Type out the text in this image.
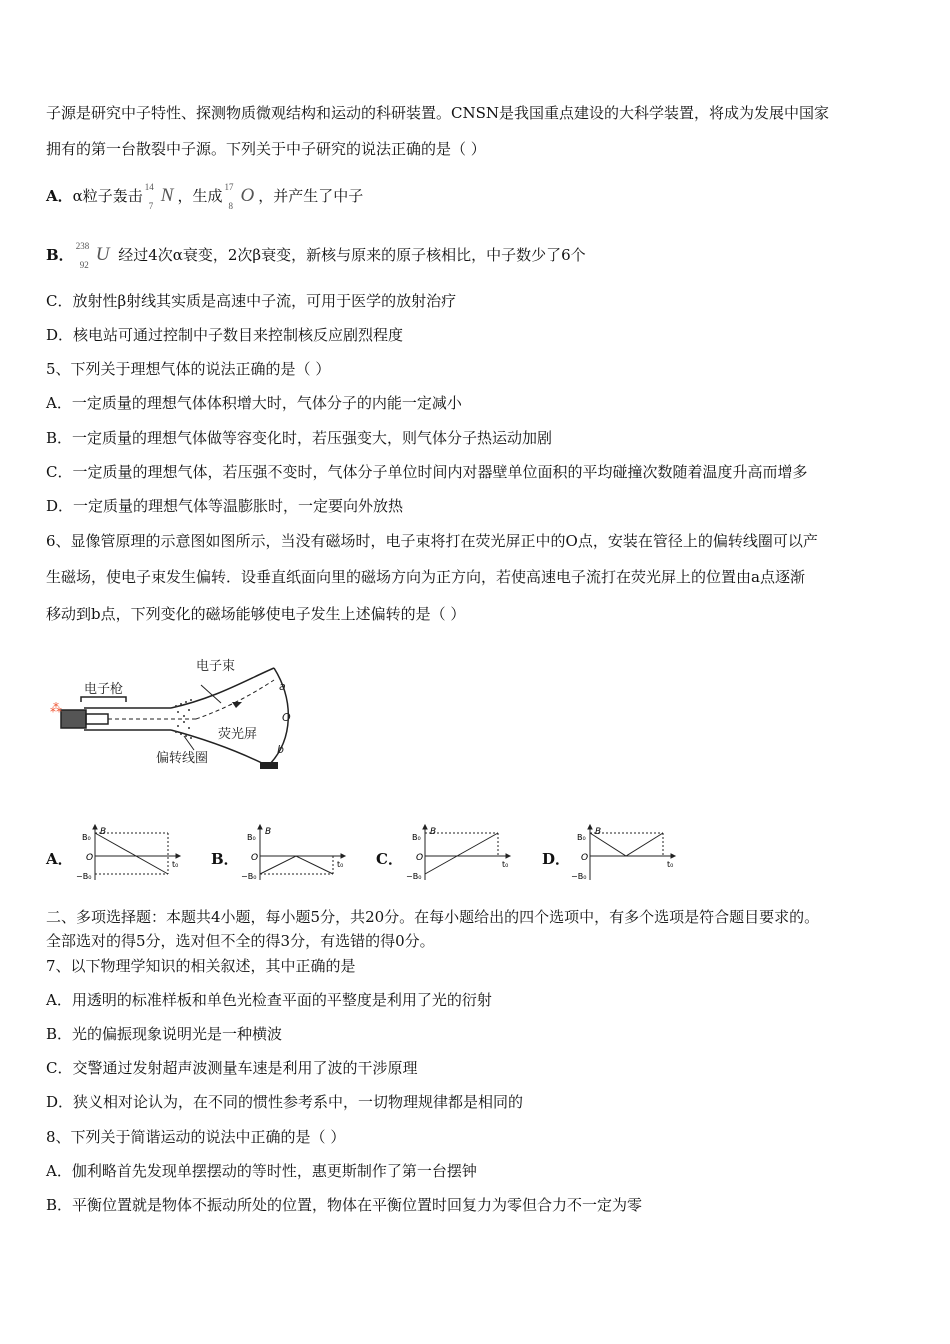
子源是研究中子特性、探测物质微观结构和运动的科研装置。CNSN是我国重点建设的大科学装置，将成为发展中国家
拥有的第一台散裂中子源。下列关于中子研究的说法正确的是（ ）
A．α粒子轰击 14
7 N ，生成 17
8 O ，并产生了中子
B． 238
92 U 经过4次α衰变，2次β衰变，新核与原来的原子核相比，中子数少了6个
C．放射性β射线其实质是高速中子流，可用于医学的放射治疗
D．核电站可通过控制中子数目来控制核反应剧烈程度
5、下列关于理想气体的说法正确的是（ ）
A．一定质量的理想气体体积增大时，气体分子的内能一定减小
B．一定质量的理想气体做等容变化时，若压强变大，则气体分子热运动加剧
C．一定质量的理想气体，若压强不变时，气体分子单位时间内对器壁单位面积的平均碰撞次数随着温度升高而增多
D．一定质量的理想气体等温膨胀时，一定要向外放热
6、显像管原理的示意图如图所示，当没有磁场时，电子束将打在荧光屏正中的O点，安装在管径上的偏转线圈可以产
生磁场，使电子束发生偏转．设垂直纸面向里的磁场方向为正方向，若使高速电子流打在荧光屏上的位置由a点逐渐
移动到b点，下列变化的磁场能够使电子发生上述偏转的是（ ）
⁂
电子束
电子枪
荧光屏
偏转线圈
a
O
b
A．	B．	C．	D．
B
B₀
O
−B₀
t₀
B
B₀
O
−B₀
t₀
B
B₀
O
−B₀
t₀
B
B₀
O
−B₀
t₀
二、多项选择题：本题共4小题，每小题5分，共20分。在每小题给出的四个选项中，有多个选项是符合题目要求的。
全部选对的得5分，选对但不全的得3分，有选错的得0分。
7、以下物理学知识的相关叙述，其中正确的是
A．用透明的标准样板和单色光检查平面的平整度是利用了光的衍射
B．光的偏振现象说明光是一种横波
C．交警通过发射超声波测量车速是利用了波的干涉原理
D．狭义相对论认为，在不同的惯性参考系中，一切物理规律都是相同的
8、下列关于简谐运动的说法中正确的是（ ）
A．伽利略首先发现单摆摆动的等时性，惠更斯制作了第一台摆钟
B．平衡位置就是物体不振动所处的位置，物体在平衡位置时回复力为零但合力不一定为零
